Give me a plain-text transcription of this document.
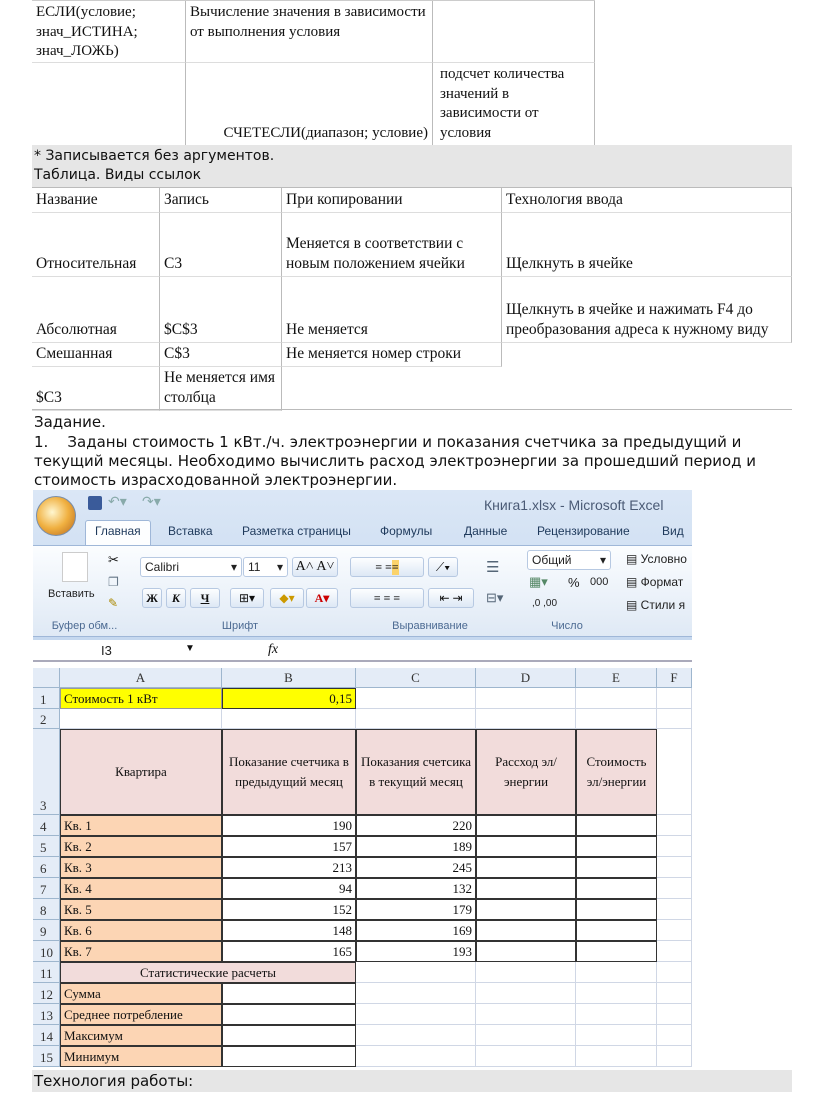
ЕСЛИ(условие; знач_ИСТИНА; знач_ЛОЖЬ)
Вычисление значения в зависимости от выполнения условия
СЧЕТЕСЛИ(диапазон; условие)
подсчет количества значений в зависимости от условия
* Записывается без аргументов.
Таблица. Виды ссылок
Название	Запись	При копировании	Технология ввода
Относительная	C3
Меняется в соответствии с новым положением ячейки	Щелкнуть в ячейке
Абсолютная	$C$3	Не меняется
Щелкнуть в ячейке и нажимать F4 до преобразования адреса к нужному виду
Смешанная	C$3	Не меняется номер строки
$C3
Не меняется имя столбца
Задание.
1.    Заданы стоимость 1 кВт./ч. электроэнергии и показания счетчика за предыдущий и текущий месяцы. Необходимо вычислить расход электроэнергии за прошедший период и стоимость израсходованной электроэнергии.
↶▾ ↷▾	Книга1.xlsx - Microsoft Excel
Главная Вставка Разметка страницы Формулы	Данные Рецензирование	Вид
Вставить
✂
❐
✎
Calibri	▾ 11 ▾ A˄ A˅
Ж	К	Ч	⊞▾	◆▾	A▾
≡ ≡ ≡	⟋▾
≡ ≡ ≡	⇤ ⇥
☰
⊟▾
Общий ▾
▦▾ % 000
,0 ,00
▤ Условно
▤ Формат
▤ Стили я
Буфер обм...	Шрифт	Выравнивание	Число
I3	▼	fx
A	B	C	D	E	F
1
2
3
4
5
6
7
8
9
10
11
12
13
14
15
Стоимость 1 кВт	0,15
Квартира
Показание счетчика в предыдущий месяц
Показания счетсика в текущий месяц
Рассход эл/энергии
Стоимость эл/энергии
Кв. 1	190	220
Кв. 2	157	189
Кв. 3	213	245
Кв. 4	94	132
Кв. 5	152	179
Кв. 6	148	169
Кв. 7	165	193
Статистические расчеты
Сумма
Среднее потребление
Максимум
Минимум
Технология работы:
